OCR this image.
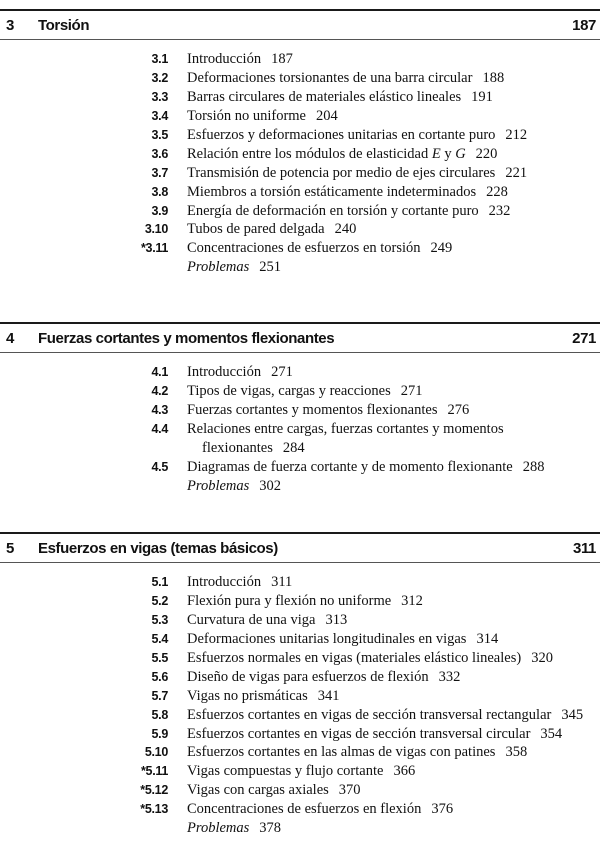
3 Torsión	187
3.1 Introducción 187
3.2 Deformaciones torsionantes de una barra circular 188
3.3 Barras circulares de materiales elástico lineales 191
3.4 Torsión no uniforme 204
3.5 Esfuerzos y deformaciones unitarias en cortante puro 212
3.6 Relación entre los módulos de elasticidad E y G 220
3.7 Transmisión de potencia por medio de ejes circulares 221
3.8 Miembros a torsión estáticamente indeterminados 228
3.9 Energía de deformación en torsión y cortante puro 232
3.10 Tubos de pared delgada 240
*3.11 Concentraciones de esfuerzos en torsión 249
Problemas 251
4 Fuerzas cortantes y momentos flexionantes	271
4.1 Introducción 271
4.2 Tipos de vigas, cargas y reacciones 271
4.3 Fuerzas cortantes y momentos flexionantes 276
4.4 Relaciones entre cargas, fuerzas cortantes y momentos
flexionantes 284
4.5 Diagramas de fuerza cortante y de momento flexionante 288
Problemas 302
5 Esfuerzos en vigas (temas básicos)	311
5.1 Introducción 311
5.2 Flexión pura y flexión no uniforme 312
5.3 Curvatura de una viga 313
5.4 Deformaciones unitarias longitudinales en vigas 314
5.5 Esfuerzos normales en vigas (materiales elástico lineales) 320
5.6 Diseño de vigas para esfuerzos de flexión 332
5.7 Vigas no prismáticas 341
5.8 Esfuerzos cortantes en vigas de sección transversal rectangular 345
5.9 Esfuerzos cortantes en vigas de sección transversal circular 354
5.10 Esfuerzos cortantes en las almas de vigas con patines 358
*5.11 Vigas compuestas y flujo cortante 366
*5.12 Vigas con cargas axiales 370
*5.13 Concentraciones de esfuerzos en flexión 376
Problemas 378
